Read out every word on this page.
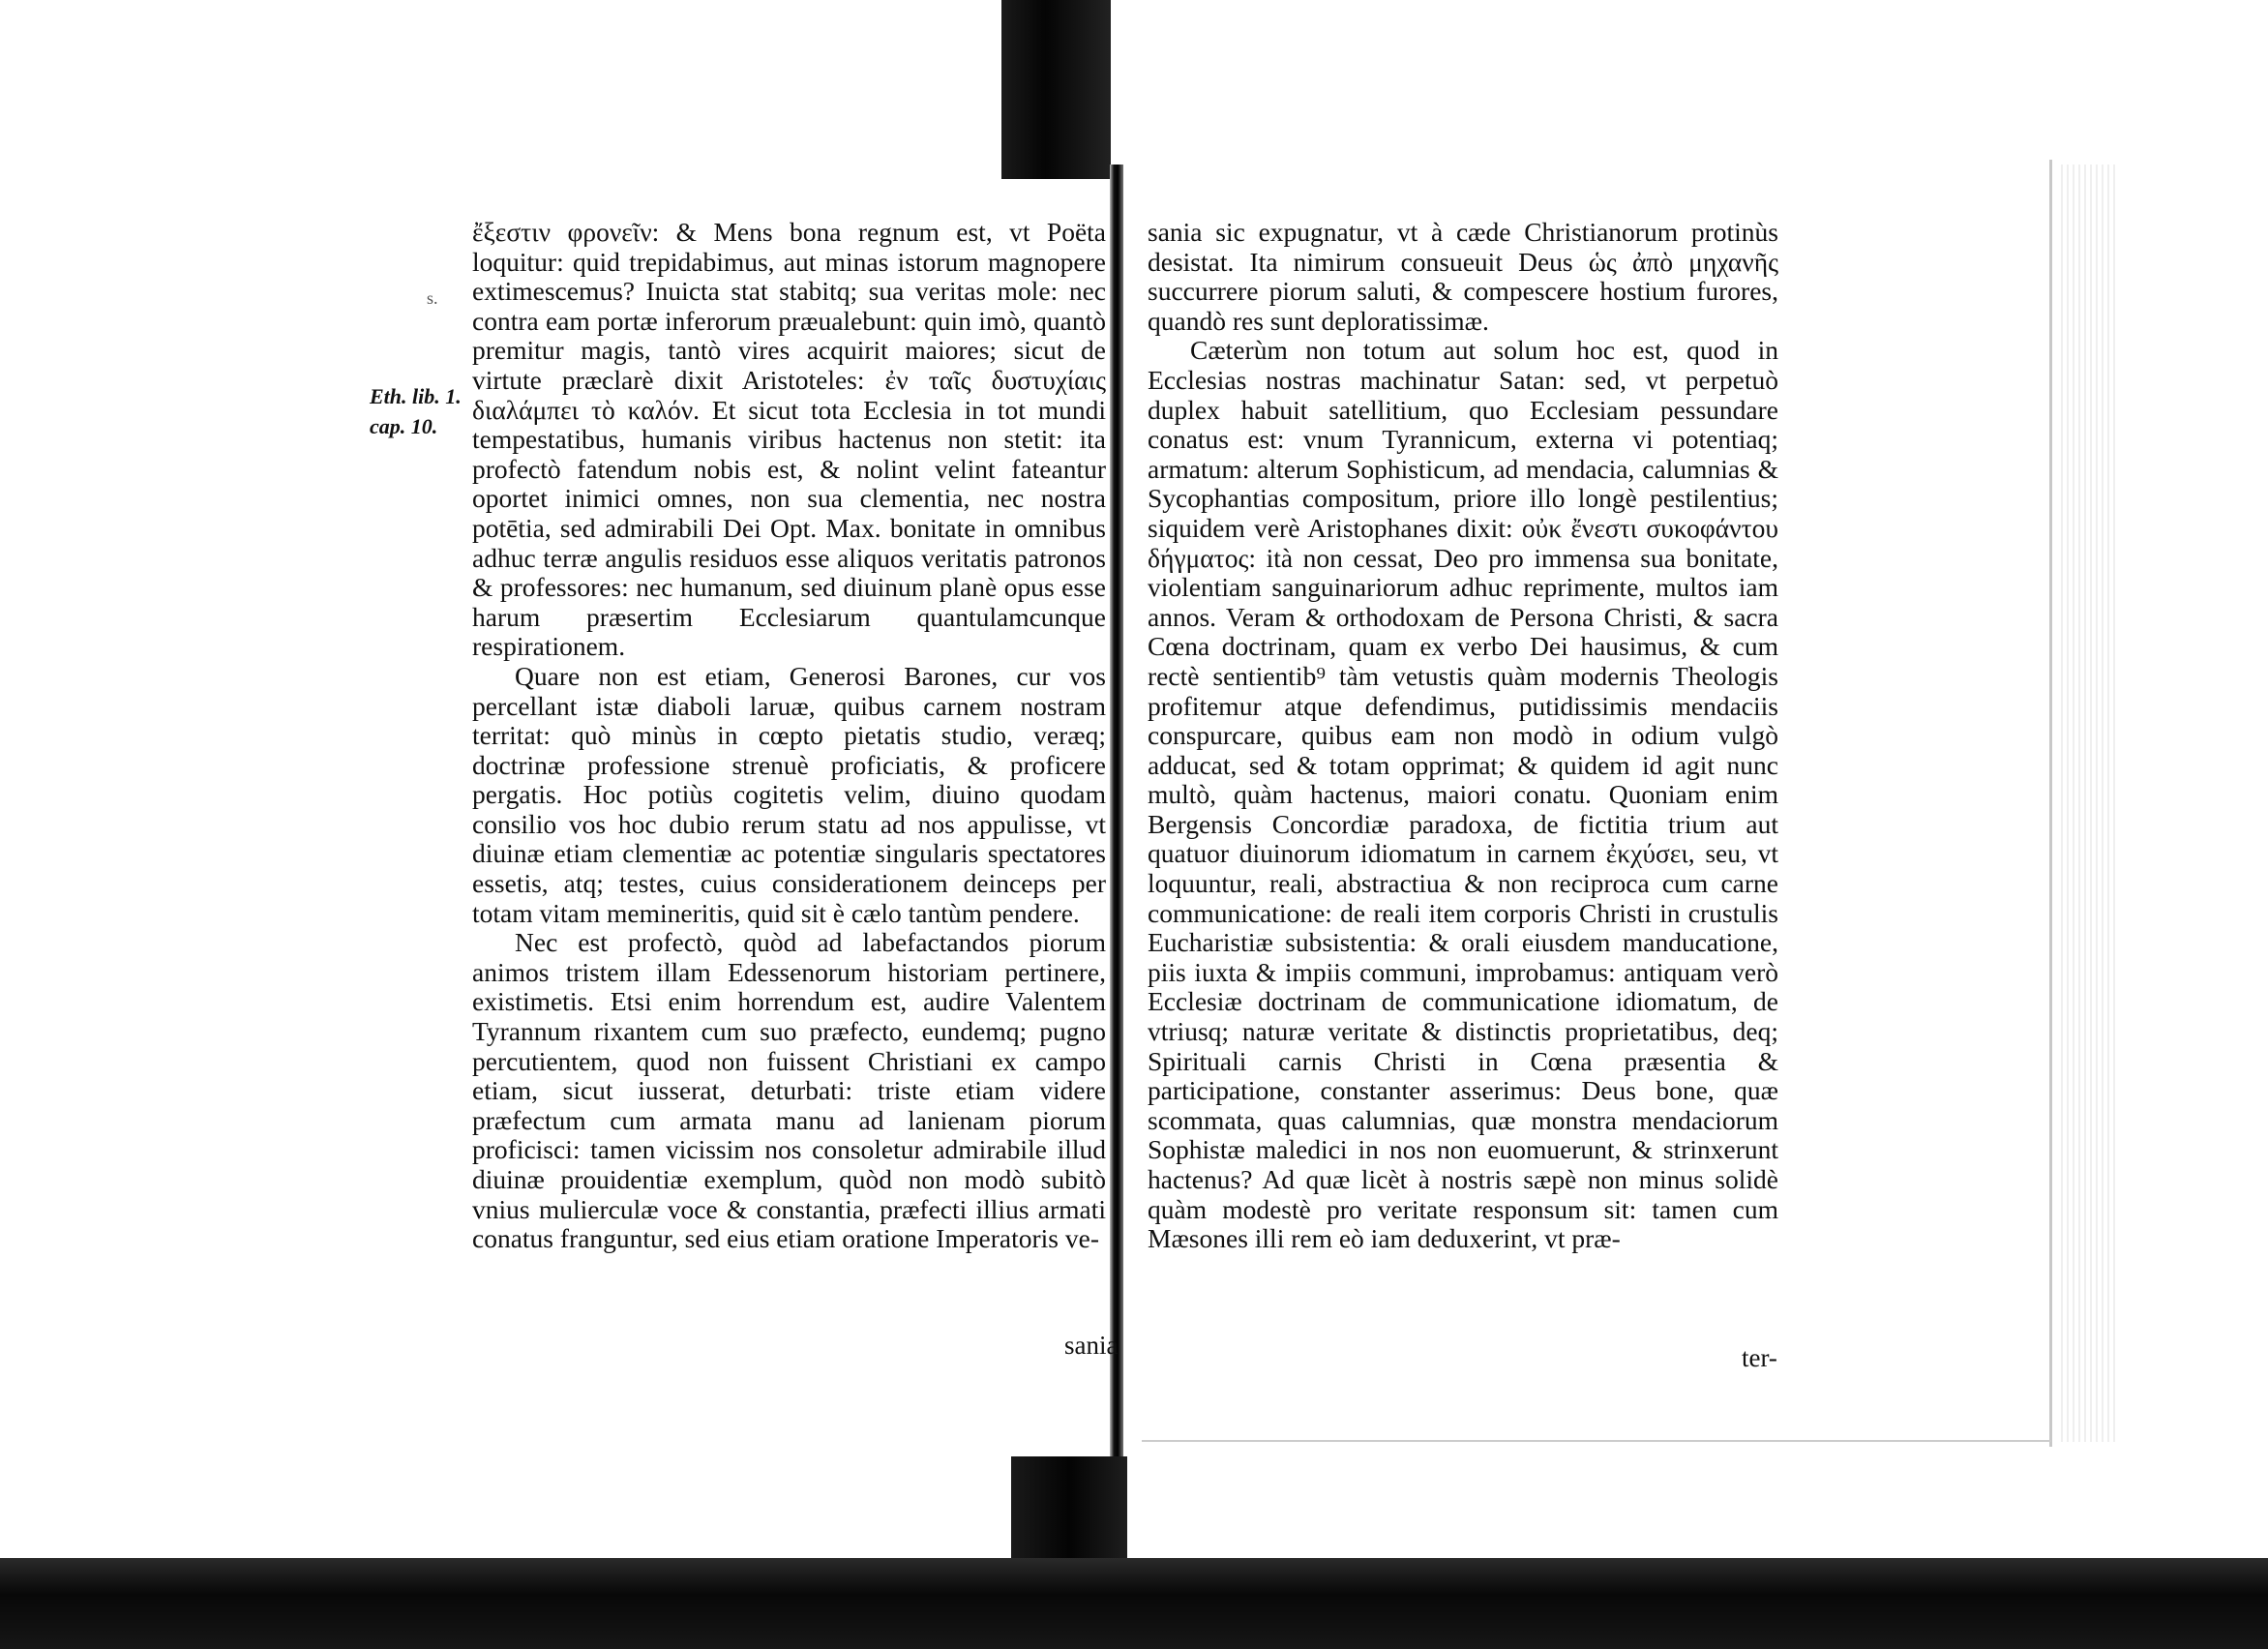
s.
Eth. lib. 1.
cap. 10.

ἔξεστιν φρονεῖν: & Mens bona regnum est, vt Poëta loquitur: quid trepidabimus, aut minas istorum magnopere extimescemus? Inuicta stat stabitq; sua veritas mole: nec contra eam portæ inferorum præualebunt: quin imò, quantò premitur magis, tantò vires acquirit maiores; sicut de virtute præclarè dixit Aristoteles: ἐν ταῖς δυστυχίαις διαλάμπει τὸ καλόν. Et sicut tota Ecclesia in tot mundi tempestatibus, humanis viribus hactenus non stetit: ita profectò fatendum nobis est, & nolint velint fateantur oportet inimici omnes, non sua clementia, nec nostra potētia, sed admirabili Dei Opt. Max. bonitate in omnibus adhuc terræ angulis residuos esse aliquos veritatis patronos & professores: nec humanum, sed diuinum planè opus esse harum præsertim Ecclesiarum quantulamcunque respirationem.

Quare non est etiam, Generosi Barones, cur vos percellant istæ diaboli laruæ, quibus carnem nostram territat: quò minùs in cœpto pietatis studio, veræq; doctrinæ professione strenuè proficiatis, & proficere pergatis. Hoc potiùs cogitetis velim, diuino quodam consilio vos hoc dubio rerum statu ad nos appulisse, vt diuinæ etiam clementiæ ac potentiæ singularis spectatores essetis, atq; testes, cuius considerationem deinceps per totam vitam memineritis, quid sit è cælo tantùm pendere.

Nec est profectò, quòd ad labefactandos piorum animos tristem illam Edessenorum historiam pertinere, existimetis. Etsi enim horrendum est, audire Valentem Tyrannum rixantem cum suo præfecto, eundemq; pugno percutientem, quod non fuissent Christiani ex campo etiam, sicut iusserat, deturbati: triste etiam videre præfectum cum armata manu ad lanienam piorum proficisci: tamen vicissim nos consoletur admirabile illud diuinæ prouidentiæ exemplum, quòd non modò subitò vnius mulierculæ voce & constantia, præfecti illius armati conatus franguntur, sed eius etiam oratione Imperatoris ve-

sania

sania sic expugnatur, vt à cæde Christianorum protinùs desistat. Ita nimirum consueuit Deus ὡς ἀπὸ μηχανῆς succurrere piorum saluti, & compescere hostium furores, quandò res sunt deploratissimæ.

Cæterùm non totum aut solum hoc est, quod in Ecclesias nostras machinatur Satan: sed, vt perpetuò duplex habuit satellitium, quo Ecclesiam pessundare conatus est: vnum Tyrannicum, externa vi potentiaq; armatum: alterum Sophisticum, ad mendacia, calumnias & Sycophantias compositum, priore illo longè pestilentius; siquidem verè Aristophanes dixit: οὐκ ἔνεστι συκοφάντου δήγματος: ità non cessat, Deo pro immensa sua bonitate, violentiam sanguinariorum adhuc reprimente, multos iam annos. Veram & orthodoxam de Persona Christi, & sacra Cœna doctrinam, quam ex verbo Dei hausimus, & cum rectè sentientib⁹ tàm vetustis quàm modernis Theologis profitemur atque defendimus, putidissimis mendaciis conspurcare, quibus eam non modò in odium vulgò adducat, sed & totam opprimat; & quidem id agit nunc multò, quàm hactenus, maiori conatu. Quoniam enim Bergensis Concordiæ paradoxa, de fictitia trium aut quatuor diuinorum idiomatum in carnem ἐκχύσει, seu, vt loquuntur, reali, abstractiua & non reciproca cum carne communicatione: de reali item corporis Christi in crustulis Eucharistiæ subsistentia: & orali eiusdem manducatione, piis iuxta & impiis communi, improbamus: antiquam verò Ecclesiæ doctrinam de communicatione idiomatum, de vtriusq; naturæ veritate & distinctis proprietatibus, deq; Spirituali carnis Christi in Cœna præsentia & participatione, constanter asserimus: Deus bone, quæ scommata, quas calumnias, quæ monstra mendaciorum Sophistæ maledici in nos non euomuerunt, & strinxerunt hactenus? Ad quæ licèt à nostris sæpè non minus solidè quàm modestè pro veritate responsum sit: tamen cum Mæsones illi rem eò iam deduxerint, vt præ-

ter-
